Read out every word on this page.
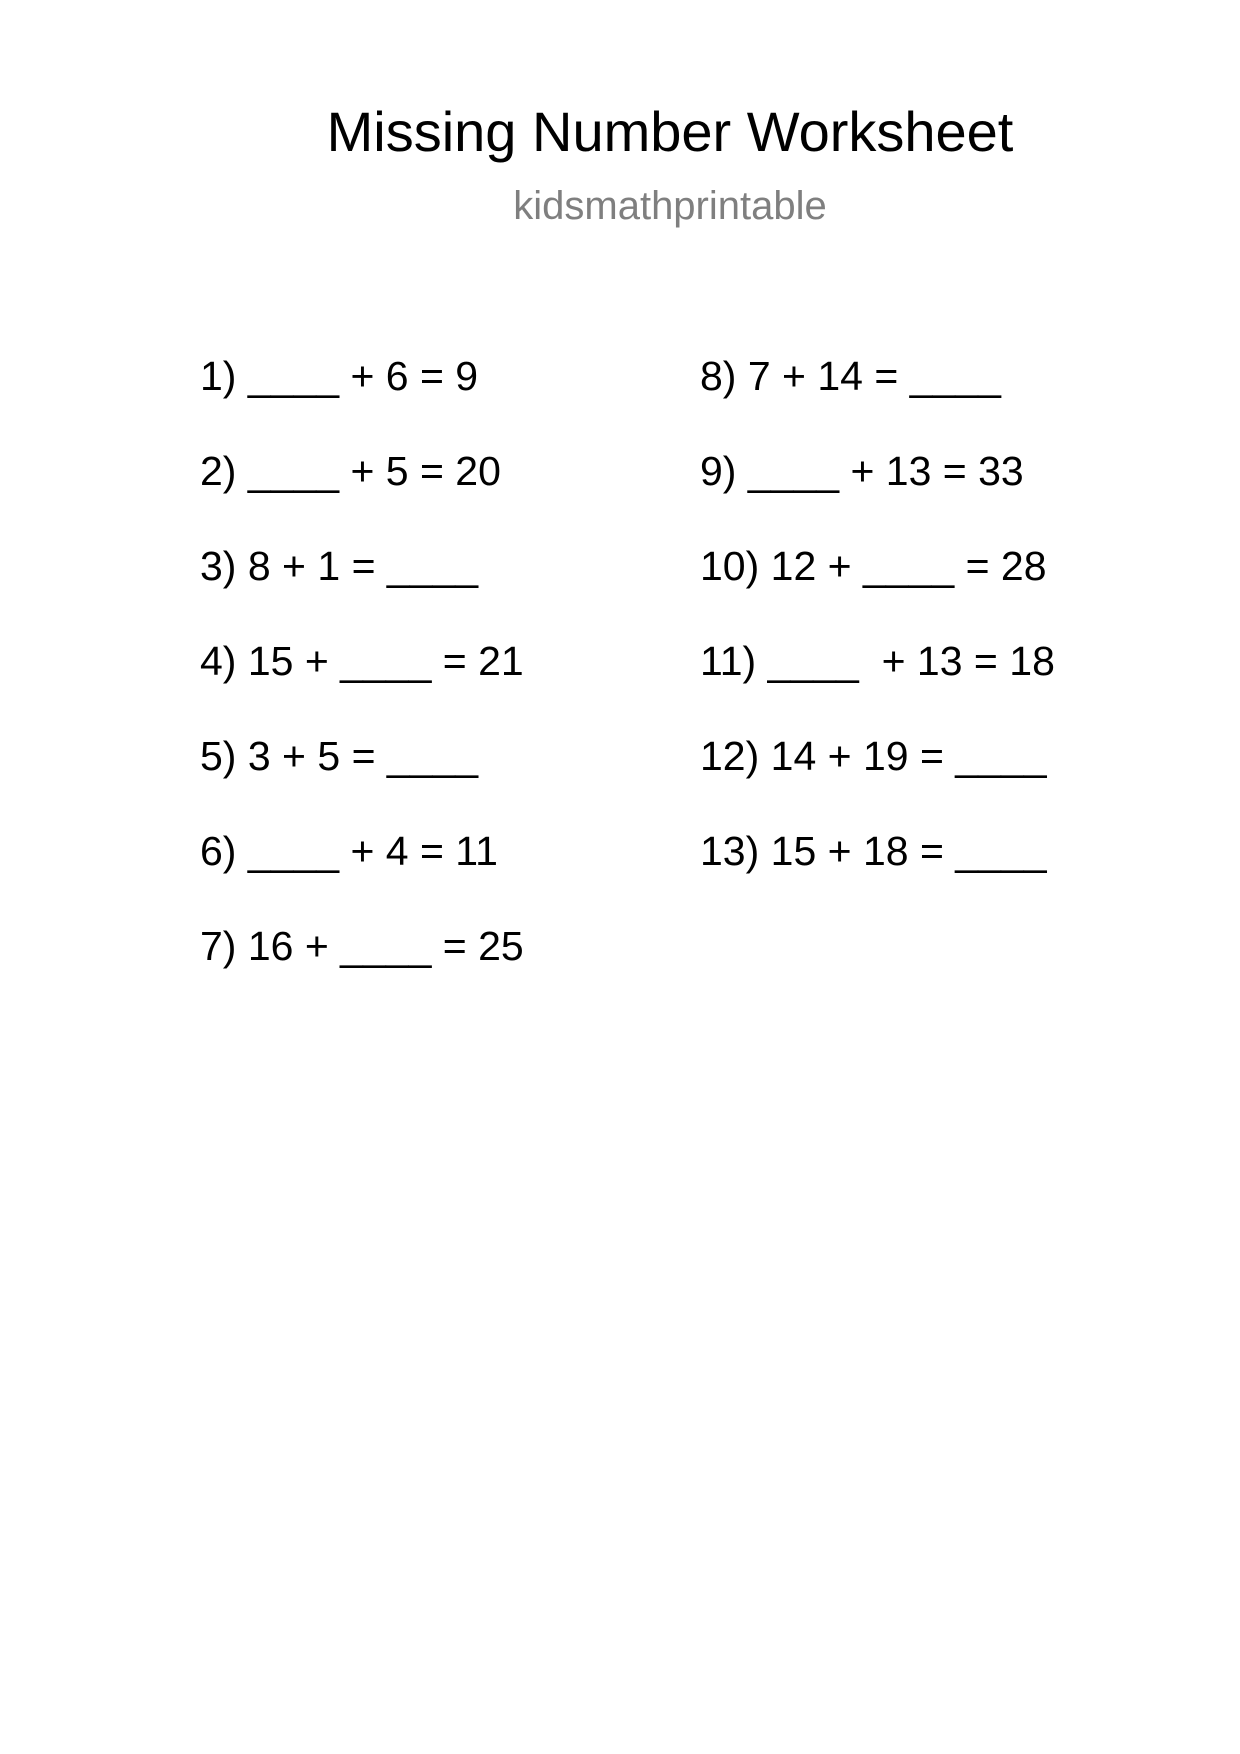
Missing Number Worksheet
kidsmathprintable
1) ____ + 6 = 9
2) ____ + 5 = 20
3) 8 + 1 = ____
4) 15 + ____ = 21
5) 3 + 5 = ____
6) ____ + 4 = 11
7) 16 + ____ = 25
8) 7 + 14 = ____
9) ____ + 13 = 33
10) 12 + ____ = 28
11) ____  + 13 = 18
12) 14 + 19 = ____
13) 15 + 18 = ____
